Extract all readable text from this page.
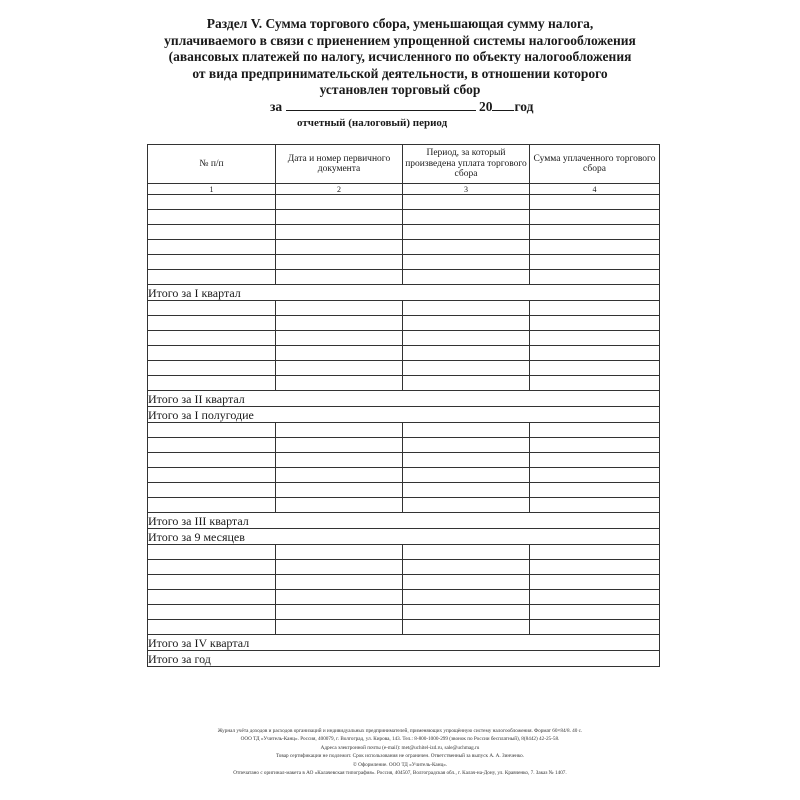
Раздел V. Сумма торгового сбора, уменьшающая сумму налога,
уплачиваемого в связи с приенением упрощенной системы налогообложения
(авансовых платежей по налогу, исчисленного по объекту налогообложения
от вида предпринимательской деятельности, в отношении которого
установлен торговый сбор
за	20 год
отчетный (налоговый) период
№ п/п	Дата и номер первичного документа	Период, за который произведена уплата торгового сбора	Сумма уплаченного торгового сбора
1	2	3	4

Итого за I квартал			

Итого за II квартал			
Итого за I полугодие			

Итого за III квартал			
Итого за 9 месяцев			

Итого за IV квартал			
Итого за год			
Журнал учёта доходов и расходов организаций и индивидуальных предпринимателей, применяющих упрощённую систему налогообложения. Формат 60×84/8. 40 с.
ООО ТД «Учитель-Канц». Россия, 400079, г. Волгоград, ул. Кирова, 143. Тел.: 8-800-1000-299 (звонок по России бесплатный), 8(8442) 42-25-58.
Адреса электронной почты (e-mail): met@uchitel-izd.ru, sale@uchmag.ru
Товар сертификации не подлежит. Срок использования не ограничен. Ответственный за выпуск А. А. Зинченко.
© Оформление. ООО ТД «Учитель-Канц».
Отпечатано с оригинал-макета в АО «Калачевская типография». Россия, 404507, Волгоградская обл., г. Калач-на-Дону, ул. Кравченко, 7. Заказ № 1407.
